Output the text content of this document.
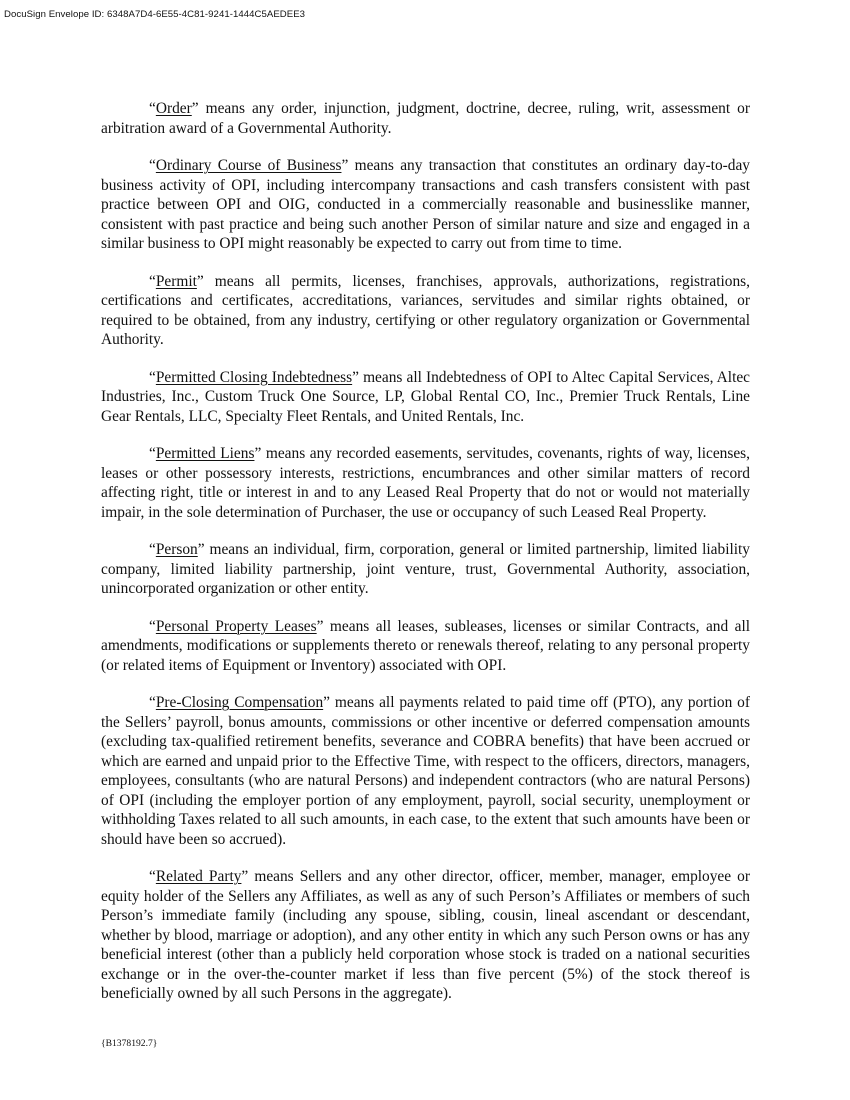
DocuSign Envelope ID: 6348A7D4-6E55-4C81-9241-1444C5AEDEE3

“Order” means any order, injunction, judgment, doctrine, decree, ruling, writ, assessment or arbitration award of a Governmental Authority.

“Ordinary Course of Business” means any transaction that constitutes an ordinary day-to-day business activity of OPI, including intercompany transactions and cash transfers consistent with past practice between OPI and OIG, conducted in a commercially reasonable and businesslike manner, consistent with past practice and being such another Person of similar nature and size and engaged in a similar business to OPI might reasonably be expected to carry out from time to time.

“Permit” means all permits, licenses, franchises, approvals, authorizations, registrations, certifications and certificates, accreditations, variances, servitudes and similar rights obtained, or required to be obtained, from any industry, certifying or other regulatory organization or Governmental Authority.

“Permitted Closing Indebtedness” means all Indebtedness of OPI to Altec Capital Services, Altec Industries, Inc., Custom Truck One Source, LP, Global Rental CO, Inc., Premier Truck Rentals, Line Gear Rentals, LLC, Specialty Fleet Rentals, and United Rentals, Inc.

“Permitted Liens” means any recorded easements, servitudes, covenants, rights of way, licenses, leases or other possessory interests, restrictions, encumbrances and other similar matters of record affecting right, title or interest in and to any Leased Real Property that do not or would not materially impair, in the sole determination of Purchaser, the use or occupancy of such Leased Real Property.

“Person” means an individual, firm, corporation, general or limited partnership, limited liability company, limited liability partnership, joint venture, trust, Governmental Authority, association, unincorporated organization or other entity.

“Personal Property Leases” means all leases, subleases, licenses or similar Contracts, and all amendments, modifications or supplements thereto or renewals thereof, relating to any personal property (or related items of Equipment or Inventory) associated with OPI.

“Pre-Closing Compensation” means all payments related to paid time off (PTO), any portion of the Sellers’ payroll, bonus amounts, commissions or other incentive or deferred compensation amounts (excluding tax-qualified retirement benefits, severance and COBRA benefits) that have been accrued or which are earned and unpaid prior to the Effective Time, with respect to the officers, directors, managers, employees, consultants (who are natural Persons) and independent contractors (who are natural Persons) of OPI (including the employer portion of any employment, payroll, social security, unemployment or withholding Taxes related to all such amounts, in each case, to the extent that such amounts have been or should have been so accrued).

“Related Party” means Sellers and any other director, officer, member, manager, employee or equity holder of the Sellers any Affiliates, as well as any of such Person’s Affiliates or members of such Person’s immediate family (including any spouse, sibling, cousin, lineal ascendant or descendant, whether by blood, marriage or adoption), and any other entity in which any such Person owns or has any beneficial interest (other than a publicly held corporation whose stock is traded on a national securities exchange or in the over-the-counter market if less than five percent (5%) of the stock thereof is beneficially owned by all such Persons in the aggregate).

{B1378192.7}
